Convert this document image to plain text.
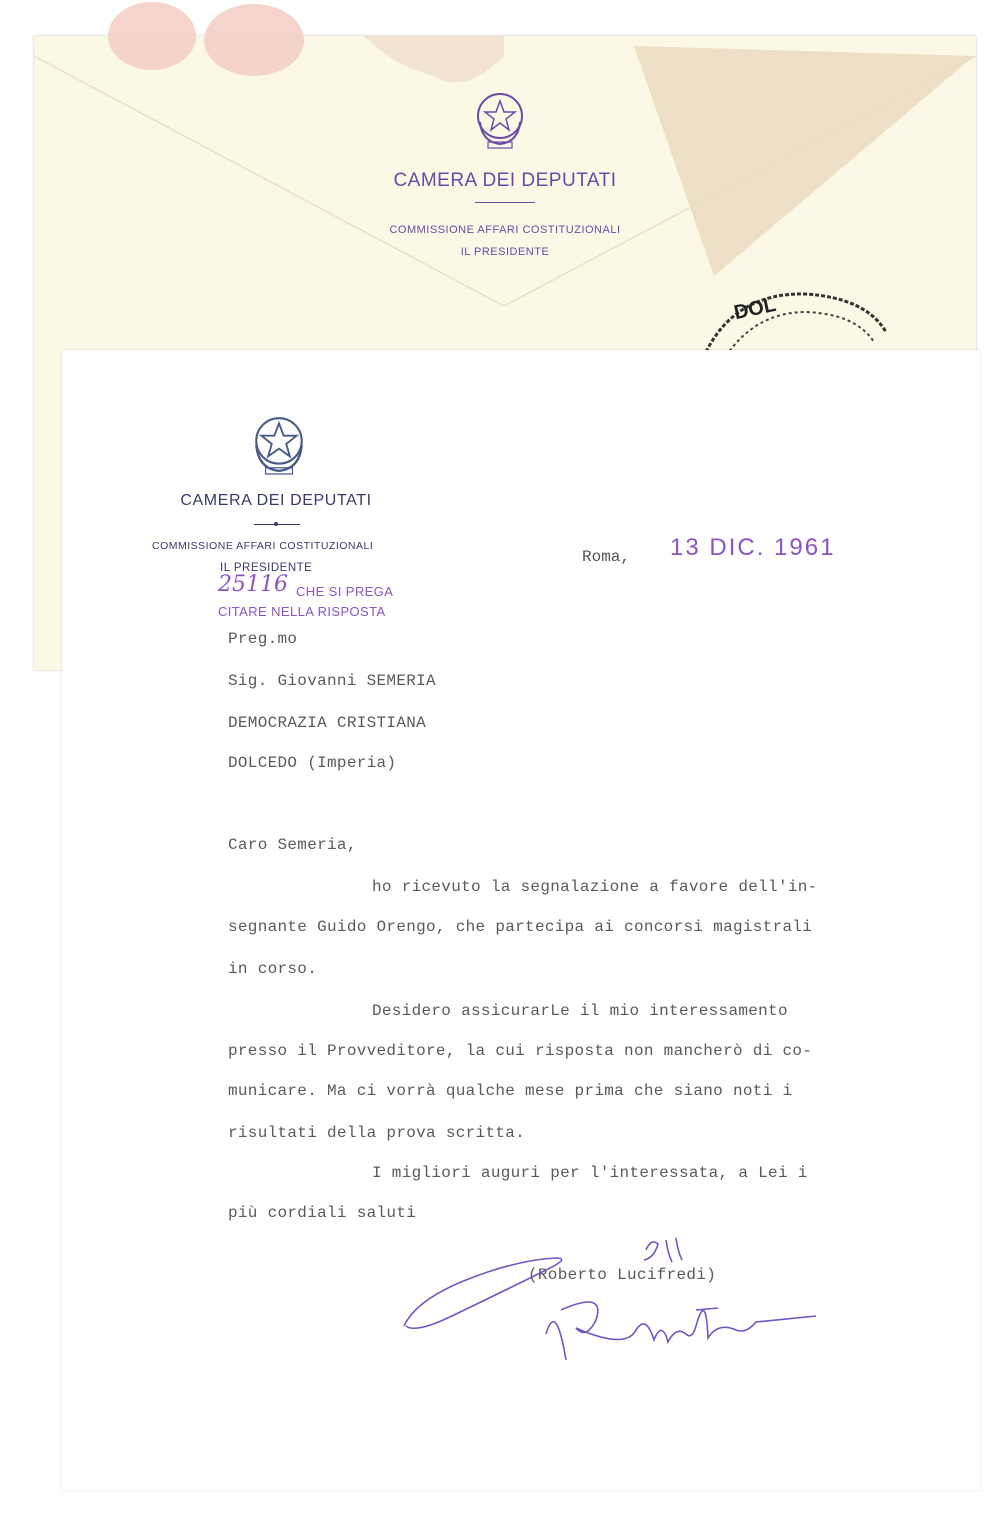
CAMERA DEI DEPUTATI
COMMISSIONE AFFARI COSTITUZIONALI
IL PRESIDENTE
DOL
CAMERA DEI DEPUTATI
COMMISSIONE AFFARI COSTITUZIONALI
IL PRESIDENTE
25116 CHE SI PREGA
CITARE NELLA RISPOSTA
Roma, 13 DIC. 1961
Preg.mo
Sig. Giovanni SEMERIA
DEMOCRAZIA CRISTIANA
DOLCEDO (Imperia)
Caro Semeria,
ho ricevuto la segnalazione a favore dell'in-
segnante Guido Orengo, che partecipa ai concorsi magistrali
in corso.
Desidero assicurarLe il mio interessamento
presso il Provveditore, la cui risposta non mancherò di co-
municare. Ma ci vorrà qualche mese prima che siano noti i
risultati della prova scritta.
I migliori auguri per l'interessata, a Lei i
più cordiali saluti
(Roberto Lucifredi)
